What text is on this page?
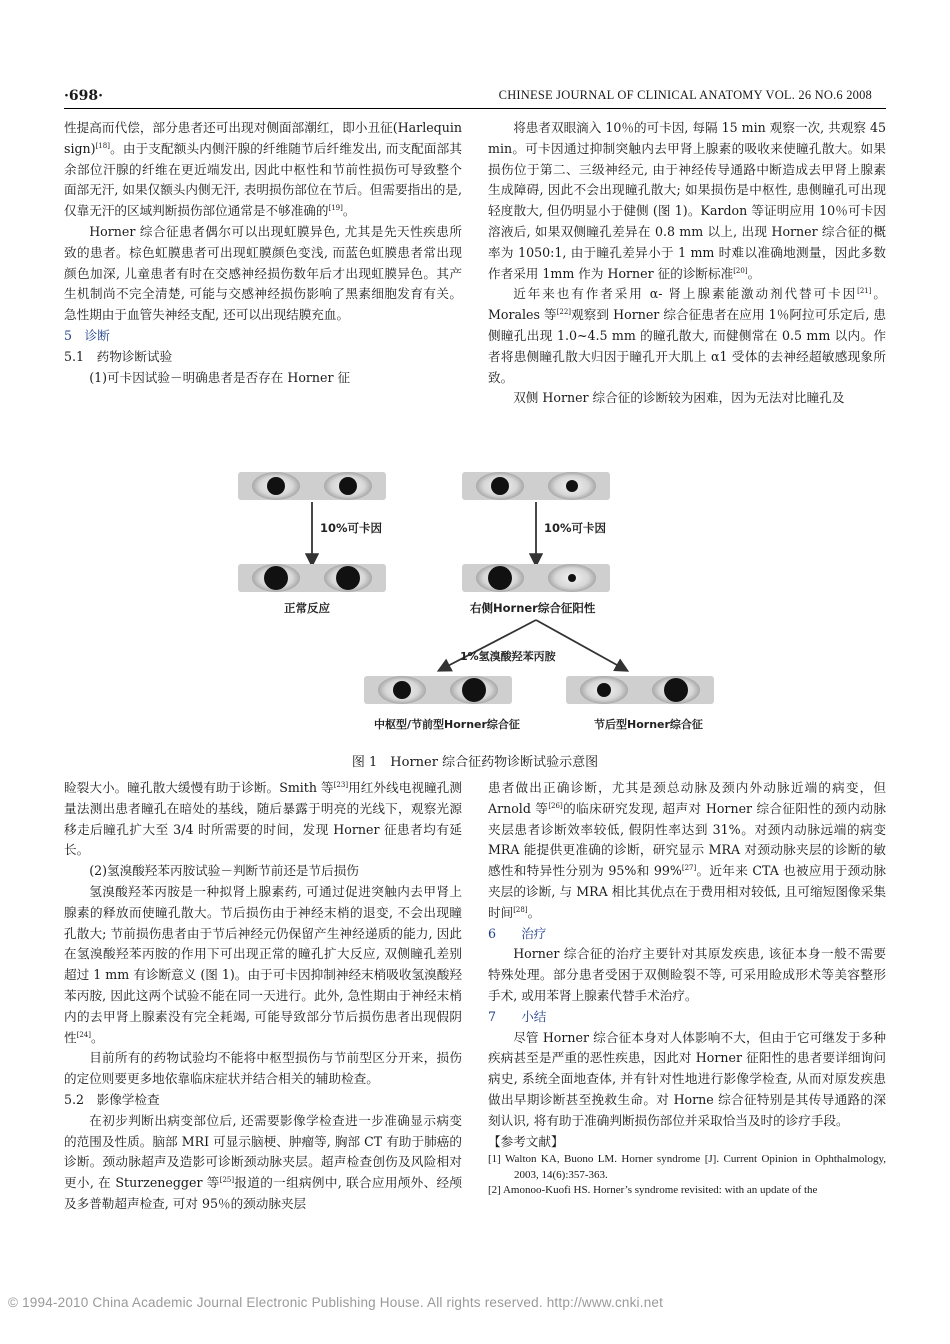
·698·	CHINESE JOURNAL OF CLINICAL ANATOMY VOL. 26 NO.6 2008

性提高而代偿，部分患者还可出现对侧面部潮红，即小丑征(Harlequin sign)[18]。由于支配额头内侧汗腺的纤维随节后纤维发出, 而支配面部其余部位汗腺的纤维在更近端发出, 因此中枢性和节前性损伤可导致整个面部无汗, 如果仅额头内侧无汗, 表明损伤部位在节后。但需要指出的是, 仅靠无汗的区域判断损伤部位通常是不够准确的[19]。

Horner 综合征患者偶尔可以出现虹膜异色, 尤其是先天性疾患所致的患者。棕色虹膜患者可出现虹膜颜色变浅, 而蓝色虹膜患者常出现颜色加深, 儿童患者有时在交感神经损伤数年后才出现虹膜异色。其产生机制尚不完全清楚, 可能与交感神经损伤影响了黑素细胞发育有关。急性期由于血管失神经支配, 还可以出现结膜充血。

5　诊断

5.1　药物诊断试验

(1)可卡因试验－明确患者是否存在 Horner 征

将患者双眼滴入 10％的可卡因, 每隔 15 min 观察一次, 共观察 45 min。可卡因通过抑制突触内去甲肾上腺素的吸收来使瞳孔散大。如果损伤位于第二、三级神经元, 由于神经传导通路中断造成去甲肾上腺素生成障碍, 因此不会出现瞳孔散大; 如果损伤是中枢性, 患侧瞳孔可出现轻度散大, 但仍明显小于健侧 (图 1)。Kardon 等证明应用 10％可卡因溶液后, 如果双侧瞳孔差异在 0.8 mm 以上, 出现 Horner 综合征的概率为 1050:1, 由于瞳孔差异小于 1 mm 时难以准确地测量，因此多数作者采用 1mm 作为 Horner 征的诊断标准[20]。

近年来也有作者采用 α- 肾上腺素能激动剂代替可卡因[21]。Morales 等[22]观察到 Horner 综合征患者在应用 1％阿拉可乐定后, 患侧瞳孔出现 1.0~4.5 mm 的瞳孔散大, 而健侧常在 0.5 mm 以内。作者将患侧瞳孔散大归因于瞳孔开大肌上 α1 受体的去神经超敏感现象所致。

双侧 Horner 综合征的诊断较为困难，因为无法对比瞳孔及

10%可卡因	10%可卡因
正常反应	右侧Horner综合征阳性
1%氢溴酸羟苯丙胺
中枢型/节前型Horner综合征	节后型Horner综合征
图 1　Horner 综合征药物诊断试验示意图

睑裂大小。瞳孔散大缓慢有助于诊断。Smith 等[23]用红外线电视瞳孔测量法测出患者瞳孔在暗处的基线，随后暴露于明亮的光线下，观察光源移走后瞳孔扩大至 3/4 时所需要的时间，发现 Horner 征患者均有延长。

(2)氢溴酸羟苯丙胺试验－判断节前还是节后损伤

氢溴酸羟苯丙胺是一种拟肾上腺素药, 可通过促进突触内去甲肾上腺素的释放而使瞳孔散大。节后损伤由于神经末梢的退变, 不会出现瞳孔散大; 节前损伤患者由于节后神经元仍保留产生神经递质的能力, 因此在氢溴酸羟苯丙胺的作用下可出现正常的瞳孔扩大反应, 双侧瞳孔差别超过 1 mm 有诊断意义 (图 1)。由于可卡因抑制神经末梢吸收氢溴酸羟苯丙胺, 因此这两个试验不能在同一天进行。此外, 急性期由于神经末梢内的去甲肾上腺素没有完全耗竭, 可能导致部分节后损伤患者出现假阴性[24]。

目前所有的药物试验均不能将中枢型损伤与节前型区分开来，损伤的定位则要更多地依靠临床症状并结合相关的辅助检查。

5.2　影像学检查

在初步判断出病变部位后, 还需要影像学检查进一步准确显示病变的范围及性质。脑部 MRI 可显示脑梗、肿瘤等, 胸部 CT 有助于肺癌的诊断。颈动脉超声及造影可诊断颈动脉夹层。超声检查创伤及风险相对更小, 在 Sturzenegger 等[25]报道的一组病例中, 联合应用颅外、经颅及多普勒超声检查, 可对 95％的颈动脉夹层

患者做出正确诊断，尤其是颈总动脉及颈内外动脉近端的病变，但 Arnold 等[26]的临床研究发现, 超声对 Horner 综合征阳性的颈内动脉夹层患者诊断效率较低, 假阴性率达到 31%。对颈内动脉远端的病变 MRA 能提供更准确的诊断，研究显示 MRA 对颈动脉夹层的诊断的敏感性和特异性分别为 95%和 99%[27]。近年来 CTA 也被应用于颈动脉夹层的诊断, 与 MRA 相比其优点在于费用相对较低, 且可缩短图像采集时间[28]。

6　　治疗

Horner 综合征的治疗主要针对其原发疾患, 该征本身一般不需要特殊处理。部分患者受困于双侧睑裂不等, 可采用睑成形术等美容整形手术, 或用苯肾上腺素代替手术治疗。

7　　小结

尽管 Horner 综合征本身对人体影响不大，但由于它可继发于多种疾病甚至是严重的恶性疾患，因此对 Horner 征阳性的患者要详细询问病史, 系统全面地查体, 并有针对性地进行影像学检查, 从而对原发疾患做出早期诊断甚至挽救生命。对 Horne 综合征特别是其传导通路的深刻认识, 将有助于准确判断损伤部位并采取恰当及时的诊疗手段。

【参考文献】

[1] Walton KA, Buono LM. Horner syndrome [J]. Current Opinion in Ophthalmology, 2003, 14(6):357-363.

[2] Amonoo-Kuofi HS. Horner’s syndrome revisited: with an update of the

© 1994-2010 China Academic Journal Electronic Publishing House. All rights reserved. http://www.cnki.net
